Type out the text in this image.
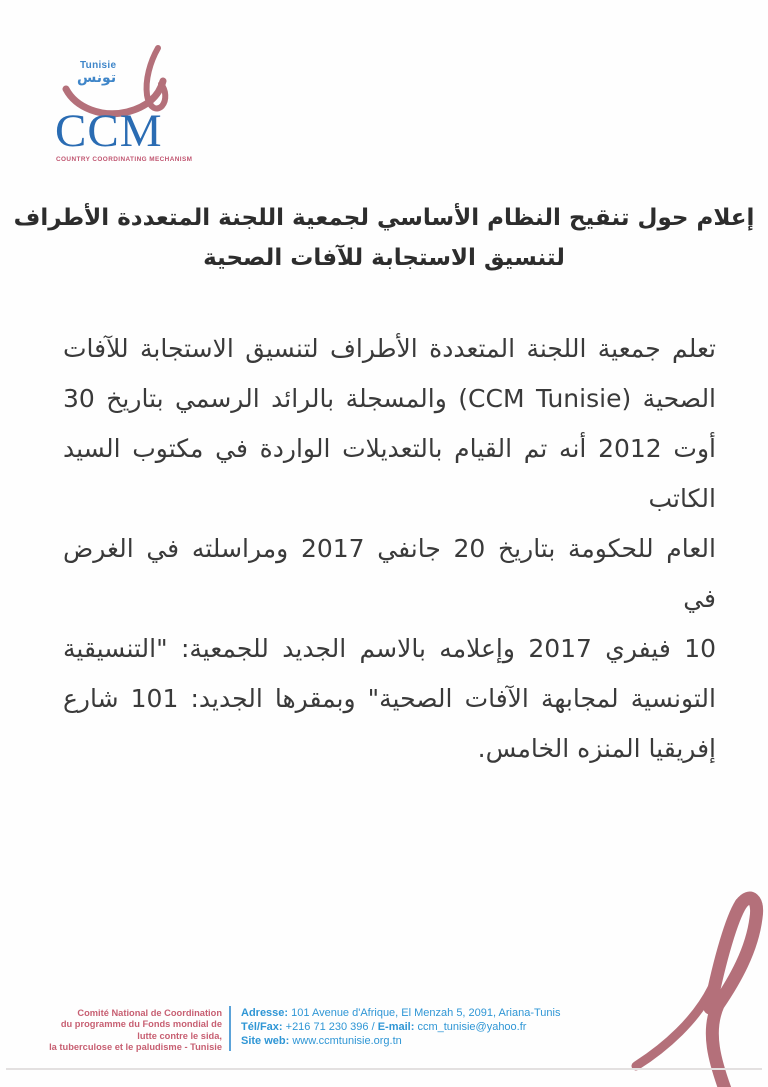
Tunisie
تونس
CCM
COUNTRY COORDINATING MECHANISM
إعلام حول تنقيح النظام الأساسي لجمعية اللجنة المتعددة الأطراف
لتنسيق الاستجابة للآفات الصحية
تعلم جمعية اللجنة المتعددة الأطراف لتنسيق الاستجابة للآفات
الصحية (CCM Tunisie) والمسجلة بالرائد الرسمي بتاريخ 30
أوت 2012 أنه تم القيام بالتعديلات الواردة في مكتوب السيد الكاتب
العام للحكومة بتاريخ 20 جانفي 2017 ومراسلته في الغرض في
10 فيفري 2017 وإعلامه بالاسم الجديد للجمعية: "التنسيقية
التونسية لمجابهة الآفات الصحية" وبمقرها الجديد: 101 شارع
إفريقيا المنزه الخامس.
Comité National de Coordination
du programme du Fonds mondial de
lutte contre le sida,
la tuberculose et le paludisme - Tunisie
Adresse: 101 Avenue d'Afrique, El Menzah 5, 2091, Ariana-Tunis
Tél/Fax: +216 71 230 396 / E-mail: ccm_tunisie@yahoo.fr
Site web: www.ccmtunisie.org.tn
